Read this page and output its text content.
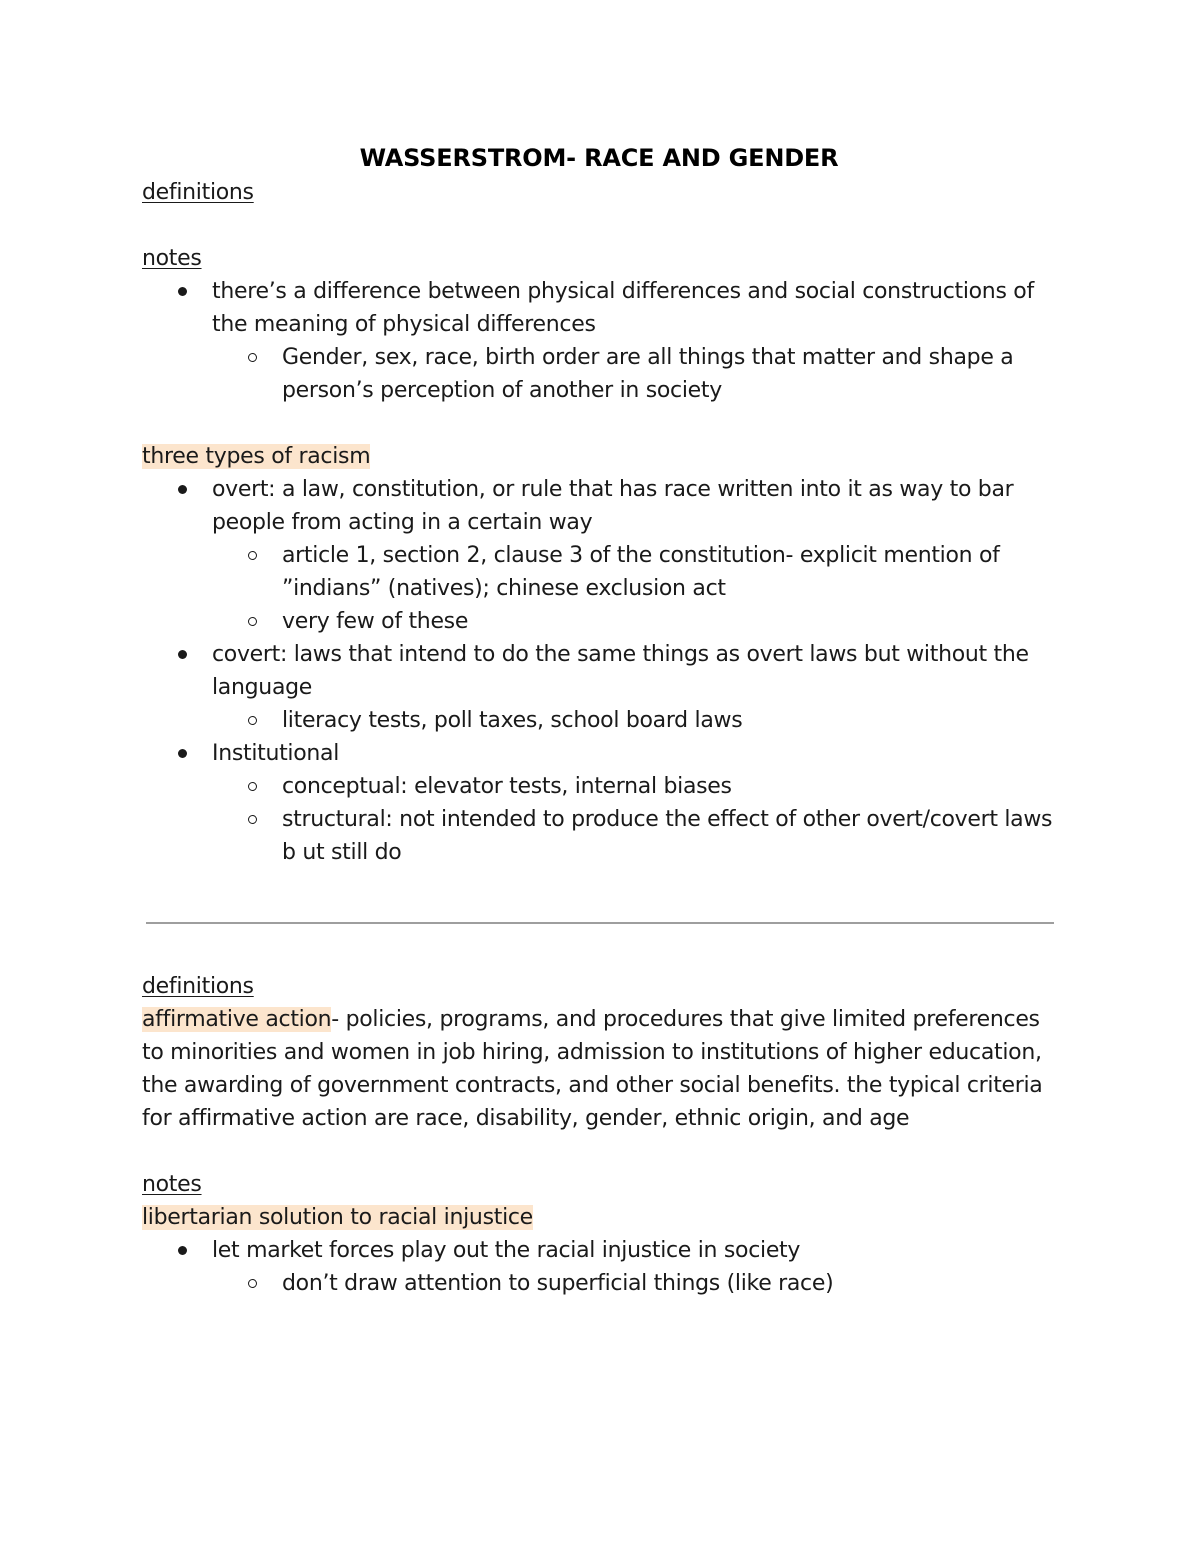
WASSERSTROM- RACE AND GENDER
definitions
notes
there’s a difference between physical differences and social constructions of the meaning of physical differences
Gender, sex, race, birth order are all things that matter and shape a person’s perception of another in society
three types of racism
overt: a law, constitution, or rule that has race written into it as way to bar people from acting in a certain way
article 1, section 2, clause 3 of the constitution- explicit mention of ”indians” (natives); chinese exclusion act
very few of these
covert: laws that intend to do the same things as overt laws but without the language
literacy tests, poll taxes, school board laws
Institutional
conceptual: elevator tests, internal biases
structural: not intended to produce the effect of other overt/covert laws b ut still do
definitions

affirmative action- policies, programs, and procedures that give limited preferences to minorities and women in job hiring, admission to institutions of higher education, the awarding of government contracts, and other social benefits. the typical criteria for affirmative action are race, disability, gender, ethnic origin, and age

notes
libertarian solution to racial injustice
let market forces play out the racial injustice in society
don’t draw attention to superficial things (like race)
